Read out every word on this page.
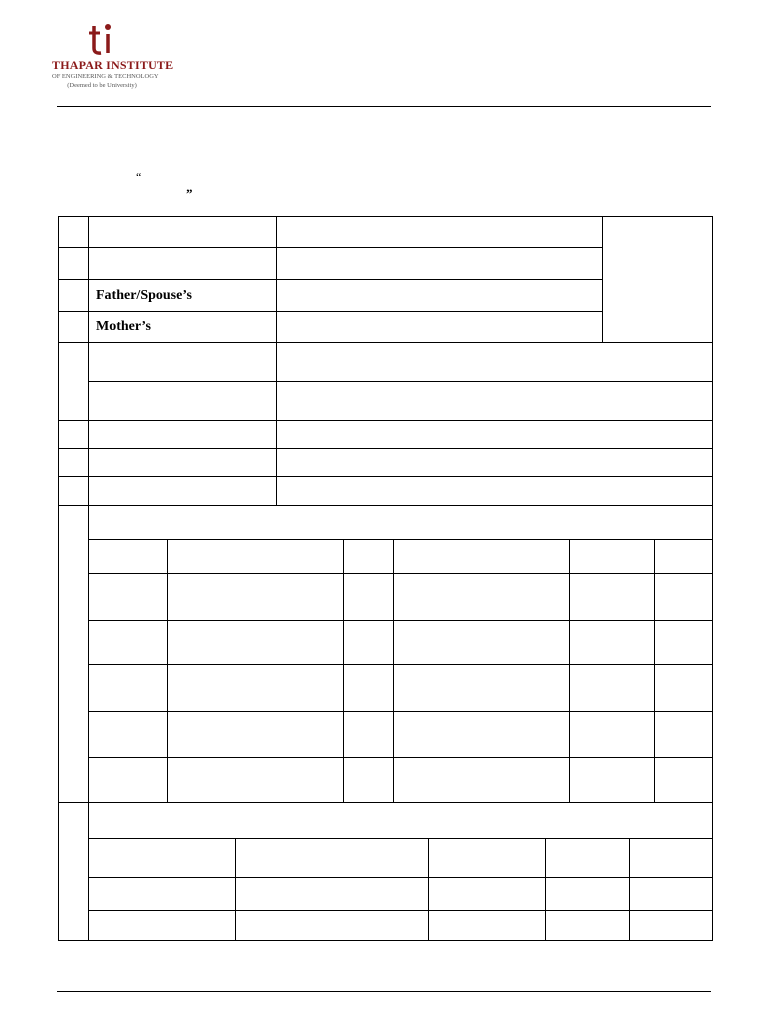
THAPAR INSTITUTE
OF ENGINEERING & TECHNOLOGY
(Deemed to be University)
“
”

	Father/Spouse’s	
	Mother’s	
